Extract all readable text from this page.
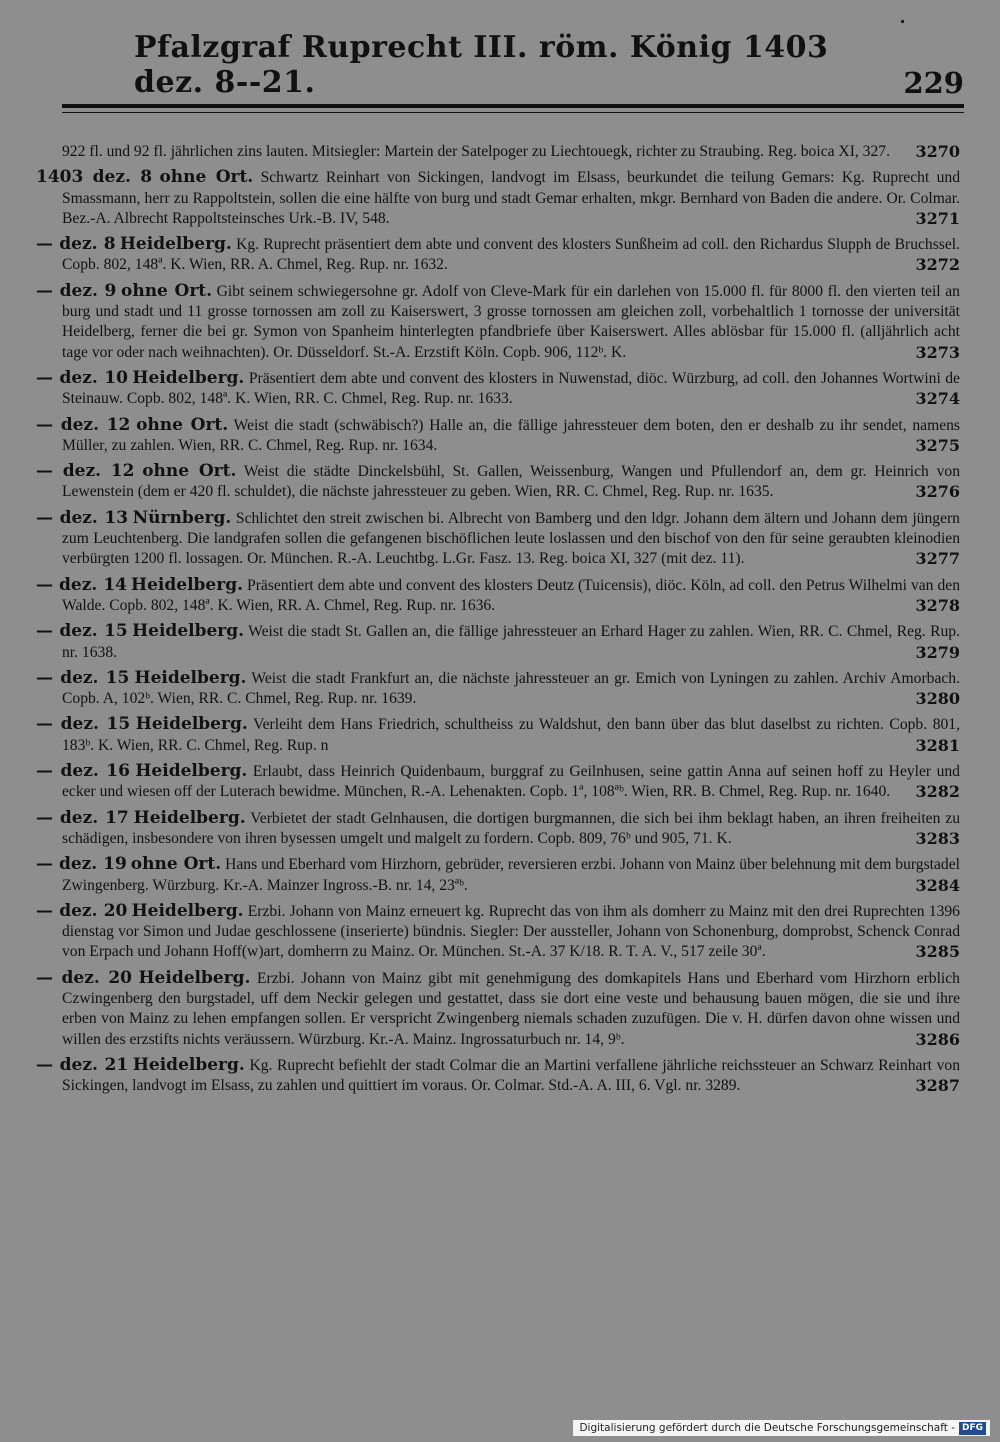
Pfalzgraf Ruprecht III. röm. König 1403 dez. 8--21.	229
922 fl. und 92 fl. jährlichen zins lauten. Mitsiegler: Martein der Satelpoger zu Liechtouegk, richter zu Straubing. Reg. boica XI, 327. 3270
1403 dez. 8 ohne Ort. Schwartz Reinhart von Sickingen, landvogt im Elsass, beurkundet die teilung Gemars: Kg. Ruprecht und Smassmann, herr zu Rappoltstein, sollen die eine hälfte von burg und stadt Gemar erhalten, mkgr. Bernhard von Baden die andere. Or. Colmar. Bez.-A. Albrecht Rappoltsteinsches Urk.-B. IV, 548.	3271
— dez. 8 Heidelberg. Kg. Ruprecht präsentiert dem abte und convent des klosters Sunßheim ad coll. den Richardus Slupph de Bruchssel. Copb. 802, 148ª. K. Wien, RR. A. Chmel, Reg. Rup. nr. 1632.	3272
— dez. 9 ohne Ort. Gibt seinem schwiegersohne gr. Adolf von Cleve-Mark für ein darlehen von 15.000 fl. für 8000 fl. den vierten teil an burg und stadt und 11 grosse tornossen am zoll zu Kaiserswert, 3 grosse tornossen am gleichen zoll, vorbehaltlich 1 tornosse der universität Heidelberg, ferner die bei gr. Symon von Spanheim hinterlegten pfandbriefe über Kaiserswert. Alles ablösbar für 15.000 fl. (alljährlich acht tage vor oder nach weihnachten). Or. Düsseldorf. St.-A. Erzstift Köln. Copb. 906, 112ᵇ. K.	3273
— dez. 10 Heidelberg. Präsentiert dem abte und convent des klosters in Nuwenstad, diöc. Würzburg, ad coll. den Johannes Wortwini de Steinauw. Copb. 802, 148ª. K. Wien, RR. C. Chmel, Reg. Rup. nr. 1633.	3274
— dez. 12 ohne Ort. Weist die stadt (schwäbisch?) Halle an, die fällige jahressteuer dem boten, den er deshalb zu ihr sendet, namens Müller, zu zahlen. Wien, RR. C. Chmel, Reg. Rup. nr. 1634.	3275
— dez. 12 ohne Ort. Weist die städte Dinckelsbühl, St. Gallen, Weissenburg, Wangen und Pfullendorf an, dem gr. Heinrich von Lewenstein (dem er 420 fl. schuldet), die nächste jahressteuer zu geben. Wien, RR. C. Chmel, Reg. Rup. nr. 1635.	3276
— dez. 13 Nürnberg. Schlichtet den streit zwischen bi. Albrecht von Bamberg und den ldgr. Johann dem ältern und Johann dem jüngern zum Leuchtenberg. Die landgrafen sollen die gefangenen bischöflichen leute loslassen und den bischof von den für seine geraubten kleinodien verbürgten 1200 fl. lossagen. Or. München. R.-A. Leuchtbg. L.Gr. Fasz. 13. Reg. boica XI, 327 (mit dez. 11).	3277
— dez. 14 Heidelberg. Präsentiert dem abte und convent des klosters Deutz (Tuicensis), diöc. Köln, ad coll. den Petrus Wilhelmi van den Walde. Copb. 802, 148ª. K. Wien, RR. A. Chmel, Reg. Rup. nr. 1636.	3278
— dez. 15 Heidelberg. Weist die stadt St. Gallen an, die fällige jahressteuer an Erhard Hager zu zahlen. Wien, RR. C. Chmel, Reg. Rup. nr. 1638.	3279
— dez. 15 Heidelberg. Weist die stadt Frankfurt an, die nächste jahressteuer an gr. Emich von Lyningen zu zahlen. Archiv Amorbach. Copb. A, 102ᵇ. Wien, RR. C. Chmel, Reg. Rup. nr. 1639.	3280
— dez. 15 Heidelberg. Verleiht dem Hans Friedrich, schultheiss zu Waldshut, den bann über das blut daselbst zu richten. Copb. 801, 183ᵇ. K. Wien, RR. C. Chmel, Reg. Rup. n	3281
— dez. 16 Heidelberg. Erlaubt, dass Heinrich Quidenbaum, burggraf zu Geilnhusen, seine gattin Anna auf seinen hoff zu Heyler und ecker und wiesen off der Luterach bewidme. München, R.-A. Lehenakten. Copb. 1ª, 108ªᵇ. Wien, RR. B. Chmel, Reg. Rup. nr. 1640. 3282
— dez. 17 Heidelberg. Verbietet der stadt Gelnhausen, die dortigen burgmannen, die sich bei ihm beklagt haben, an ihren freiheiten zu schädigen, insbesondere von ihren bysessen umgelt und malgelt zu fordern. Copb. 809, 76ᵇ und 905, 71. K.	3283
— dez. 19 ohne Ort. Hans und Eberhard vom Hirzhorn, gebrüder, reversieren erzbi. Johann von Mainz über belehnung mit dem burgstadel Zwingenberg. Würzburg. Kr.-A. Mainzer Ingross.-B. nr. 14, 23ªᵇ.	3284
— dez. 20 Heidelberg. Erzbi. Johann von Mainz erneuert kg. Ruprecht das von ihm als domherr zu Mainz mit den drei Ruprechten 1396 dienstag vor Simon und Judae geschlossene (inserierte) bündnis. Siegler: Der aussteller, Johann von Schonenburg, domprobst, Schenck Conrad von Erpach und Johann Hoff(w)art, domherrn zu Mainz. Or. München. St.-A. 37 K/18. R. T. A. V., 517 zeile 30ª.	3285
— dez. 20 Heidelberg. Erzbi. Johann von Mainz gibt mit genehmigung des domkapitels Hans und Eberhard vom Hirzhorn erblich Czwingenberg den burgstadel, uff dem Neckir gelegen und gestattet, dass sie dort eine veste und behausung bauen mögen, die sie und ihre erben von Mainz zu lehen empfangen sollen. Er verspricht Zwingenberg niemals schaden zuzufügen. Die v. H. dürfen davon ohne wissen und willen des erzstifts nichts veräussern. Würzburg. Kr.-A. Mainz. Ingrossaturbuch nr. 14, 9ᵇ.	3286
— dez. 21 Heidelberg. Kg. Ruprecht befiehlt der stadt Colmar die an Martini verfallene jährliche reichssteuer an Schwarz Reinhart von Sickingen, landvogt im Elsass, zu zahlen und quittiert im voraus. Or. Colmar. Std.-A. A. III, 6. Vgl. nr. 3289.	3287
Digitalisierung gefördert durch die Deutsche Forschungsgemeinschaft - DFG
